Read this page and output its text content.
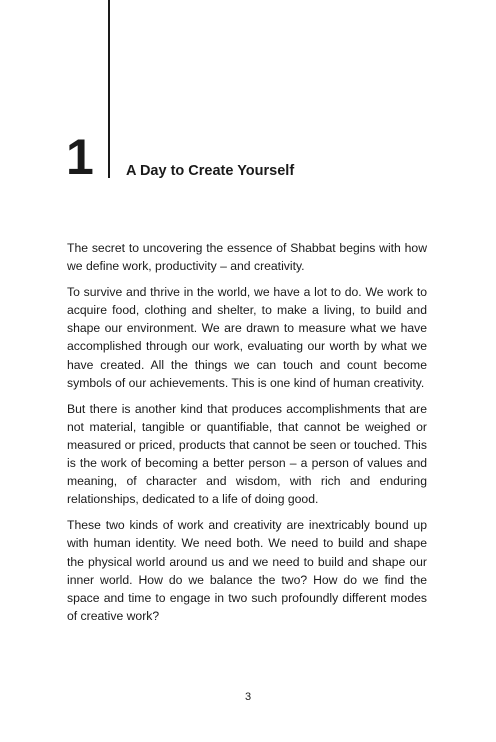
1 A Day to Create Yourself

The secret to uncovering the essence of Shabbat begins with how we define work, productivity – and creativity.

To survive and thrive in the world, we have a lot to do. We work to acquire food, clothing and shelter, to make a living, to build and shape our environment. We are drawn to measure what we have accomplished through our work, evaluating our worth by what we have created. All the things we can touch and count become symbols of our achievements. This is one kind of human creativity.

But there is another kind that produces accomplishments that are not material, tangible or quantifiable, that cannot be weighed or measured or priced, products that cannot be seen or touched. This is the work of becoming a better person – a person of values and meaning, of character and wisdom, with rich and enduring relationships, dedicated to a life of doing good.

These two kinds of work and creativity are inextricably bound up with human identity. We need both. We need to build and shape the physical world around us and we need to build and shape our inner world. How do we balance the two? How do we find the space and time to engage in two such profoundly different modes of creative work?

3
